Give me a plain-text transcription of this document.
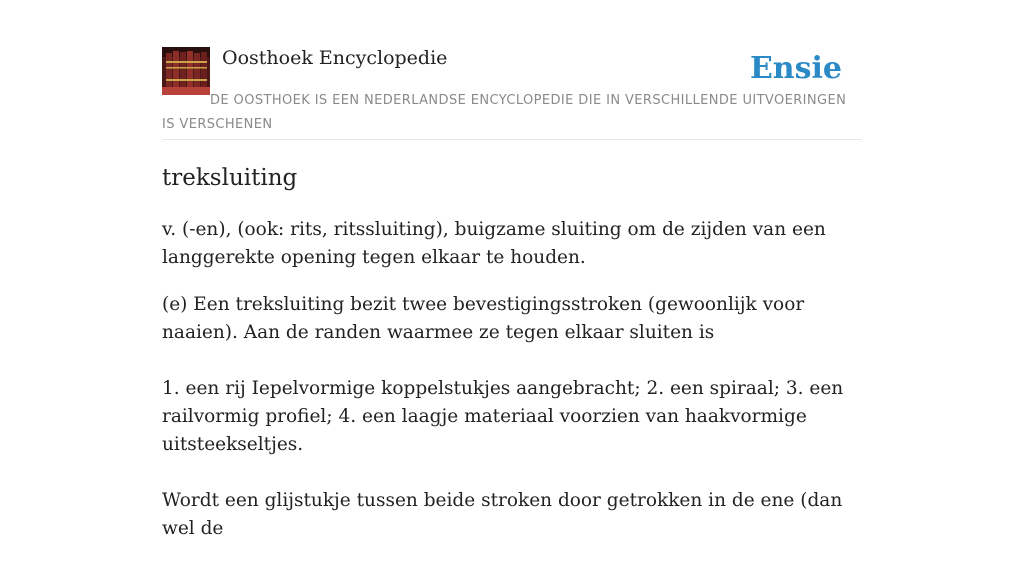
Oosthoek Encyclopedie	Ensie
DE OOSTHOEK IS EEN NEDERLANDSE ENCYCLOPEDIE DIE IN VERSCHILLENDE UITVOERINGEN IS VERSCHENEN
treksluiting

v. (-en), (ook: rits, ritssluiting), buigzame sluiting om de zijden van een langgerekte opening tegen elkaar te houden.

(e) Een treksluiting bezit twee bevestigingsstroken (gewoonlijk voor naaien). Aan de randen waarmee ze tegen elkaar sluiten is

1. een rij Iepelvormige koppelstukjes aangebracht; 2. een spiraal; 3. een railvormig profiel; 4. een laagje materiaal voorzien van haakvormige uitsteekseltjes.

Wordt een glijstukje tussen beide stroken door getrokken in de ene (dan wel de
